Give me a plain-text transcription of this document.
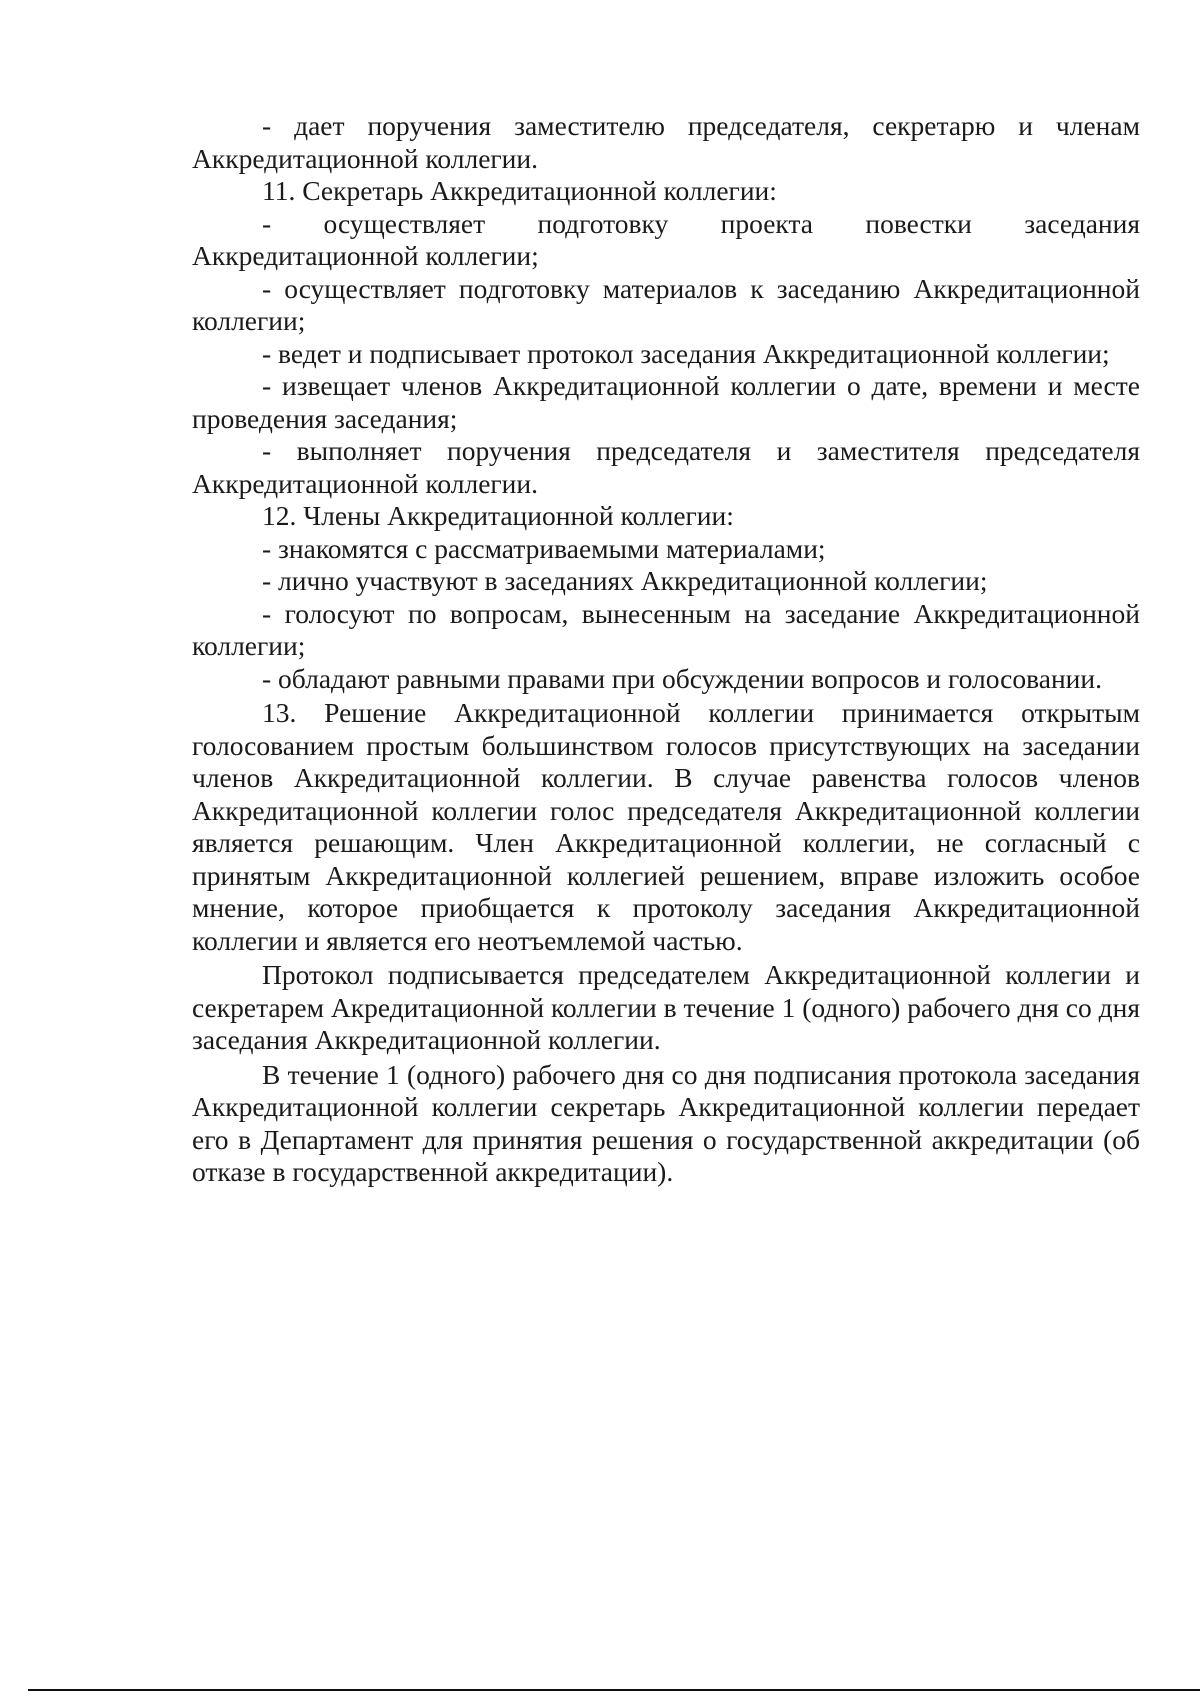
- дает поручения заместителю председателя, секретарю и членам Аккредитационной коллегии.

11. Секретарь Аккредитационной коллегии:

- осуществляет подготовку проекта повестки заседания Аккредитационной коллегии;

- осуществляет подготовку материалов к заседанию Аккредитационной коллегии;

- ведет и подписывает протокол заседания Аккредитационной коллегии;

- извещает членов Аккредитационной коллегии о дате, времени и месте проведения заседания;

- выполняет поручения председателя и заместителя председателя Аккредитационной коллегии.

12. Члены Аккредитационной коллегии:

- знакомятся с рассматриваемыми материалами;

- лично участвуют в заседаниях Аккредитационной коллегии;

- голосуют по вопросам, вынесенным на заседание Аккредитационной коллегии;

- обладают равными правами при обсуждении вопросов и голосовании.

13. Решение Аккредитационной коллегии принимается открытым голосованием простым большинством голосов присутствующих на заседании членов Аккредитационной коллегии. В случае равенства голосов членов Аккредитационной коллегии голос председателя Аккредитационной коллегии является решающим. Член Аккредитационной коллегии, не согласный с принятым Аккредитационной коллегией решением, вправе изложить особое мнение, которое приобщается к протоколу заседания Аккредитационной коллегии и является его неотъемлемой частью.

Протокол подписывается председателем Аккредитационной коллегии и секретарем Акредитационной коллегии в течение 1 (одного) рабочего дня со дня заседания Аккредитационной коллегии.

В течение 1 (одного) рабочего дня со дня подписания протокола заседания Аккредитационной коллегии секретарь Аккредитационной коллегии передает его в Департамент для принятия решения о государственной аккредитации (об отказе в государственной аккредитации).
